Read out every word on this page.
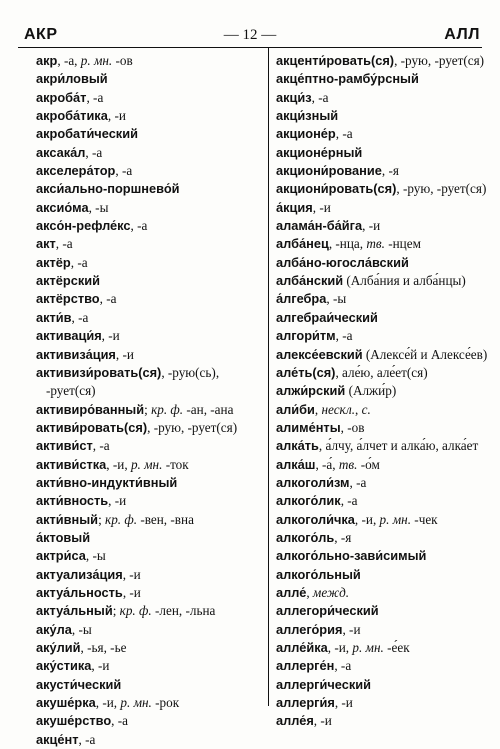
АКР	— 12 —	АЛЛ
акр, -а, р. мн. -ов
акри́ловый
акроба́т, -а
акроба́тика, -и
акробати́ческий
аксака́л, -а
акселера́тор, -а
акси́ально-поршнево́й
аксио́ма, -ы
аксо́н-рефле́кс, -а
акт, -а
актёр, -а
актёрский
актёрство, -а
акти́в, -а
активаци́я, -и
активиза́ция, -и
активизи́ровать(ся), -рую(сь), -рует(ся)
активиро́ванный; кр. ф. -ан, -ана
активи́ровать(ся), -рую, -рует(ся)
активи́ст, -а
активи́стка, -и, р. мн. -ток
акти́вно-индукти́вный
акти́вность, -и
акти́вный; кр. ф. -вен, -вна
а́ктовый
актри́са, -ы
актуализа́ция, -и
актуа́льность, -и
актуа́льный; кр. ф. -лен, -льна
аку́ла, -ы
аку́лий, -ья, -ье
аку́стика, -и
акусти́ческий
акуше́рка, -и, р. мн. -рок
акуше́рство, -а
акце́нт, -а
акценти́ровать(ся), -рую, -рует(ся)
акце́птно-рамбу́рсный
акци́з, -а
акци́зный
акционе́р, -а
акционе́рный
акциони́рование, -я
акциони́ровать(ся), -рую, -рует(ся)
а́кция, -и
алама́н-ба́йга, -и
алба́нец, -нца, тв. -нцем
алба́но-югосла́вский
алба́нский (Алба́ния и алба́нцы)
а́лгебра, -ы
алгебраи́ческий
алгори́тм, -а
алексе́евский (Алексе́й и Алексе́ев)
але́ть(ся), але́ю, але́ет(ся)
алжи́рский (Алжи́р)
али́би, нескл., с.
алиме́нты, -ов
алка́ть, а́лчу, а́лчет и алка́ю, алка́ет
алка́ш, -а́, тв. -о́м
алкоголи́зм, -а
алкого́лик, -а
алкоголи́чка, -и, р. мн. -чек
алкого́ль, -я
алкого́льно-зави́симый
алкого́льный
алле́, межд.
аллегори́ческий
аллего́рия, -и
алле́йка, -и, р. мн. -е́ек
аллерге́н, -а
аллерги́ческий
аллерги́я, -и
алле́я, -и
